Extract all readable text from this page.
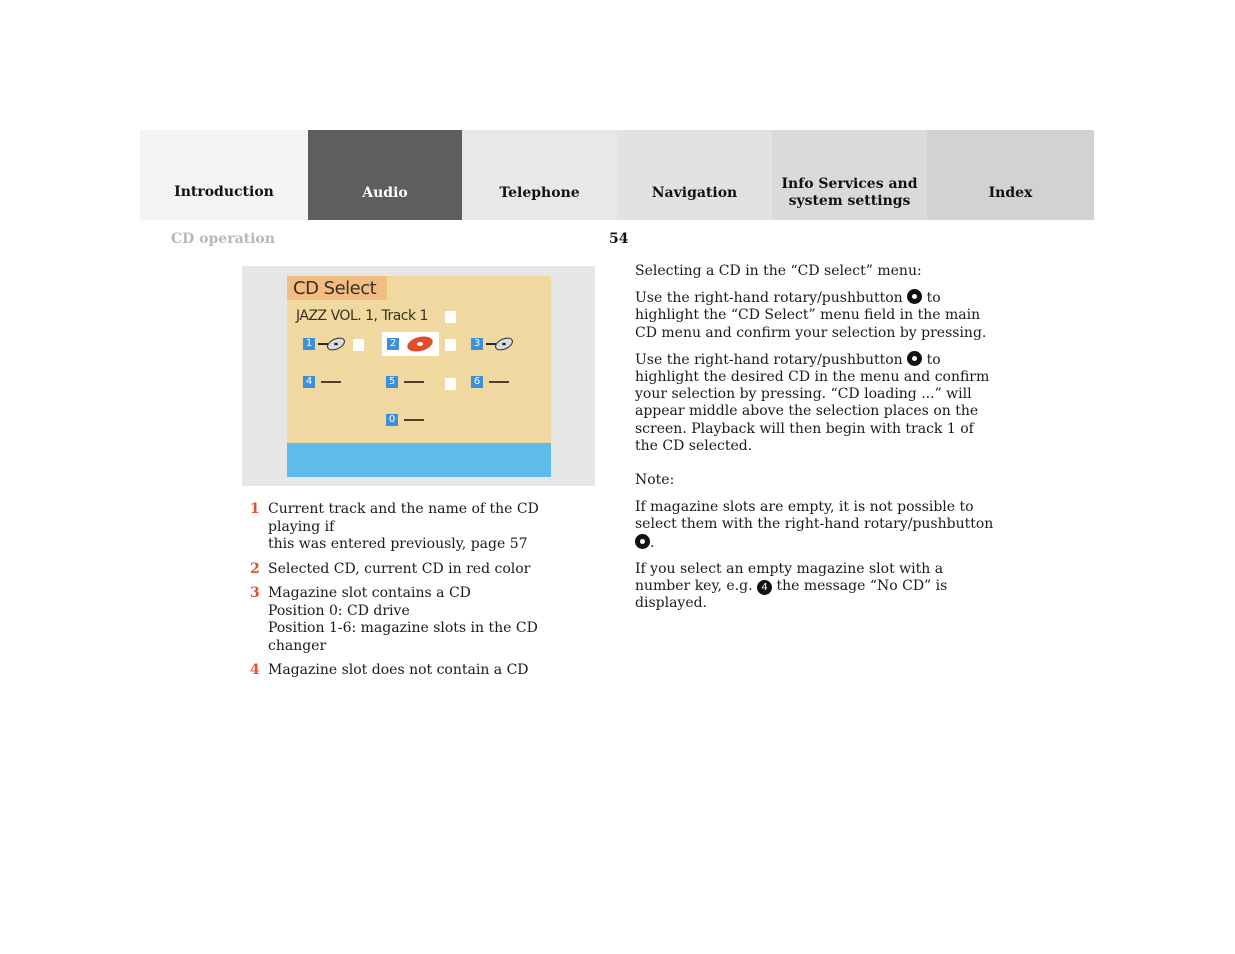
Introduction	Audio	Telephone	Navigation
Info Services and
system settings	Index
CD operation	54
CD Select
JAZZ VOL. 1, Track 1
1	2	3
4	5	6
0
1 Current track and the name of the CD playing if
this was entered previously, page 57
2 Selected CD, current CD in red color
3 Magazine slot contains a CD
Position 0: CD drive
Position 1-6: magazine slots in the CD changer
4 Magazine slot does not contain a CD

Selecting a CD in the “CD select” menu:

Use the right-hand rotary/pushbutton to highlight the “CD Select” menu field in the main CD menu and confirm your selection by pressing.

Use the right-hand rotary/pushbutton to highlight the desired CD in the menu and confirm your selection by pressing. “CD loading ...” will appear middle above the selection places on the screen. Playback will then begin with track 1 of the CD selected.

Note:

If magazine slots are empty, it is not possible to select them with the right-hand rotary/pushbutton .

If you select an empty magazine slot with a number key, e.g. 4 the message “No CD” is displayed.
